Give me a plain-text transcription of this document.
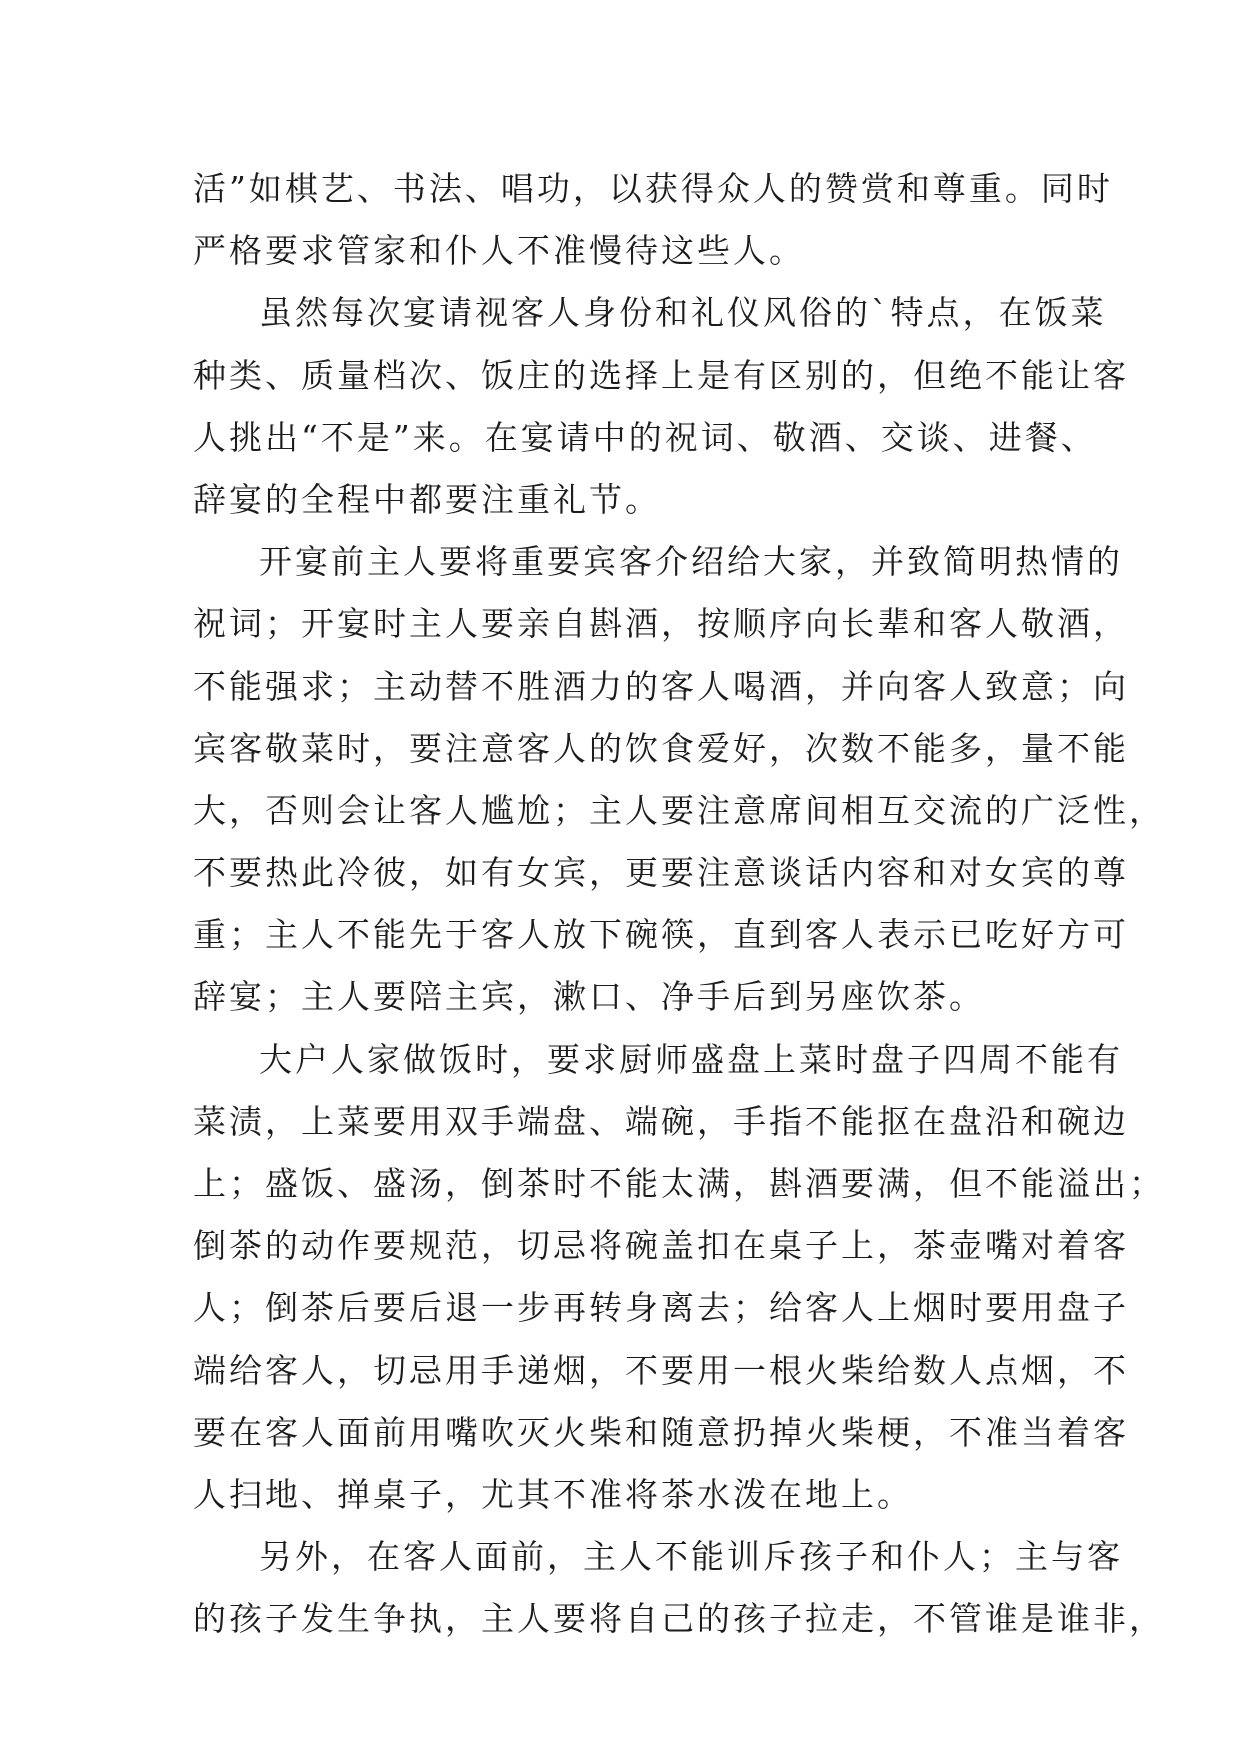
活”如棋艺、书法、唱功，以获得众人的赞赏和尊重。同时
严格要求管家和仆人不准慢待这些人。
虽然每次宴请视客人身份和礼仪风俗的`特点，在饭菜
种类、质量档次、饭庄的选择上是有区别的，但绝不能让客
人挑出“不是”来。在宴请中的祝词、敬酒、交谈、进餐、
辞宴的全程中都要注重礼节。
开宴前主人要将重要宾客介绍给大家，并致简明热情的
祝词；开宴时主人要亲自斟酒，按顺序向长辈和客人敬酒，
不能强求；主动替不胜酒力的客人喝酒，并向客人致意；向
宾客敬菜时，要注意客人的饮食爱好，次数不能多，量不能
大，否则会让客人尴尬；主人要注意席间相互交流的广泛性，
不要热此冷彼，如有女宾，更要注意谈话内容和对女宾的尊
重；主人不能先于客人放下碗筷，直到客人表示已吃好方可
辞宴；主人要陪主宾，漱口、净手后到另座饮茶。
大户人家做饭时，要求厨师盛盘上菜时盘子四周不能有
菜渍，上菜要用双手端盘、端碗，手指不能抠在盘沿和碗边
上；盛饭、盛汤，倒茶时不能太满，斟酒要满，但不能溢出；
倒茶的动作要规范，切忌将碗盖扣在桌子上，茶壶嘴对着客
人；倒茶后要后退一步再转身离去；给客人上烟时要用盘子
端给客人，切忌用手递烟，不要用一根火柴给数人点烟，不
要在客人面前用嘴吹灭火柴和随意扔掉火柴梗，不准当着客
人扫地、掸桌子，尤其不准将茶水泼在地上。
另外，在客人面前，主人不能训斥孩子和仆人；主与客
的孩子发生争执，主人要将自己的孩子拉走，不管谁是谁非，
